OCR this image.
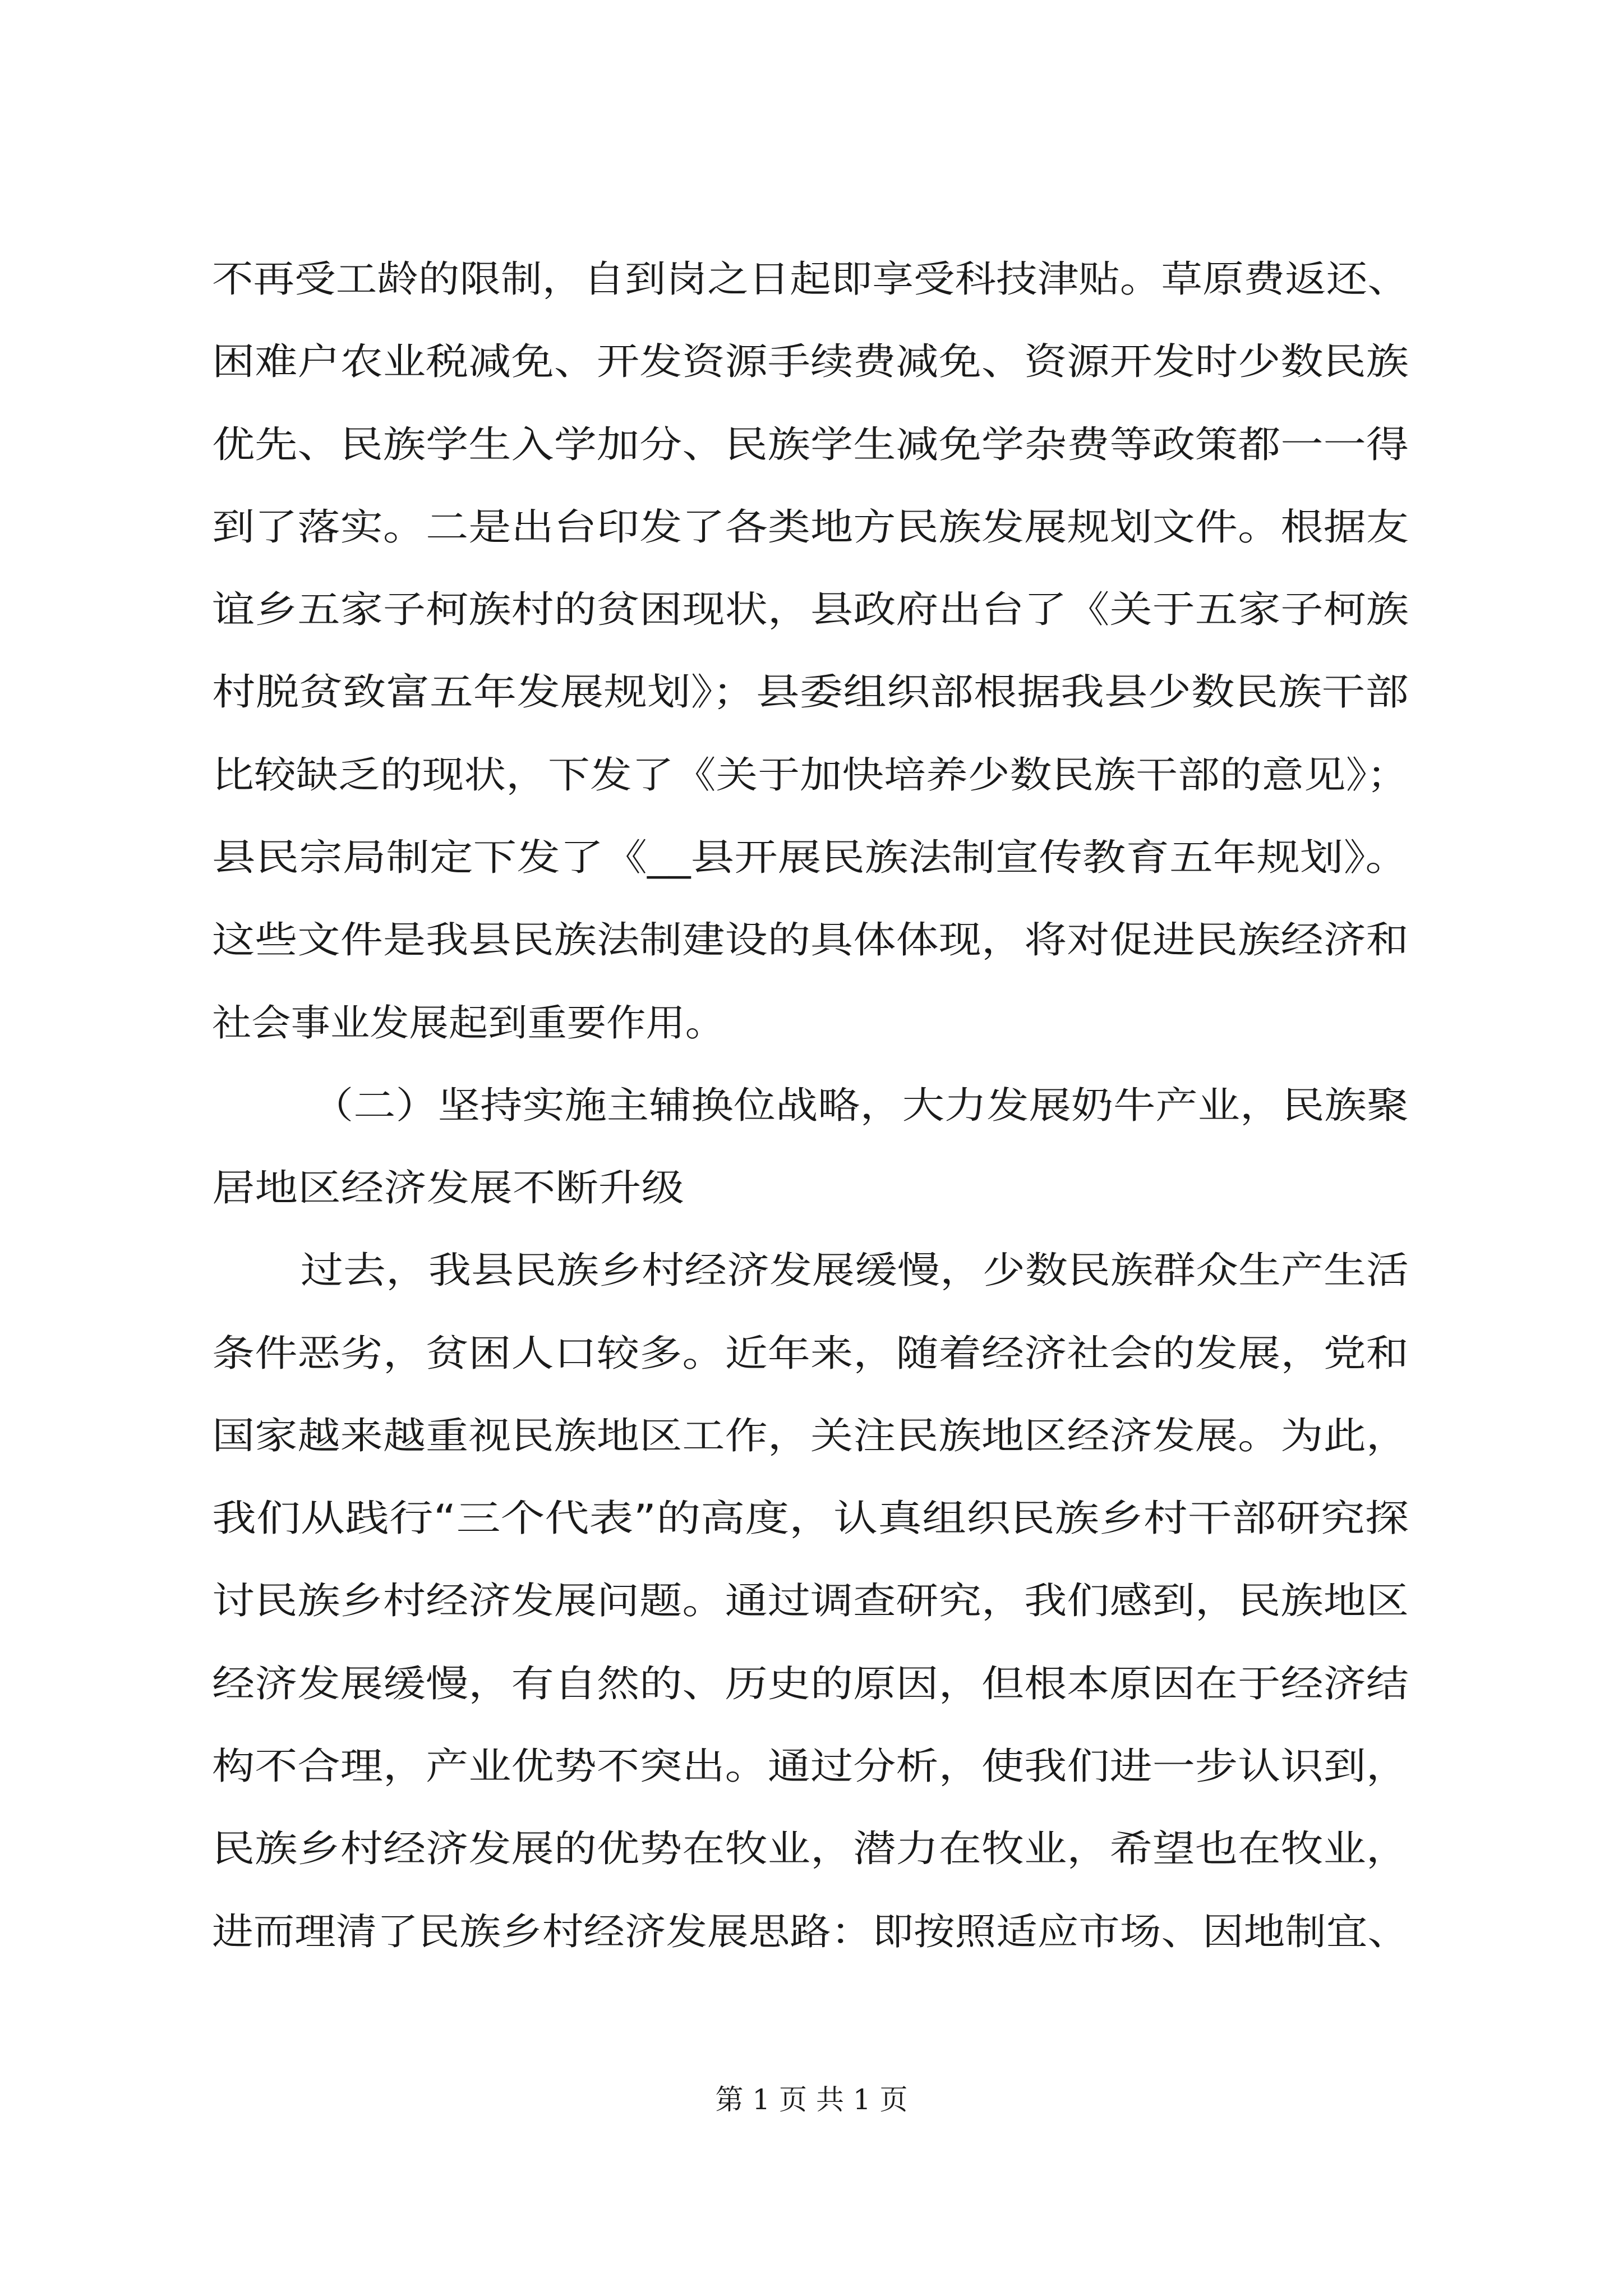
不再受工龄的限制，自到岗之日起即享受科技津贴。草原费返还、
困难户农业税减免、开发资源手续费减免、资源开发时少数民族
优先、民族学生入学加分、民族学生减免学杂费等政策都一一得
到了落实。二是出台印发了各类地方民族发展规划文件。根据友
谊乡五家子柯族村的贫困现状，县政府出台了《关于五家子柯族
村脱贫致富五年发展规划》；县委组织部根据我县少数民族干部
比较缺乏的现状，下发了《关于加快培养少数民族干部的意见》；
县民宗局制定下发了《__县开展民族法制宣传教育五年规划》。
这些文件是我县民族法制建设的具体体现，将对促进民族经济和
社会事业发展起到重要作用。
（二）坚持实施主辅换位战略，大力发展奶牛产业，民族聚
居地区经济发展不断升级
过去，我县民族乡村经济发展缓慢，少数民族群众生产生活
条件恶劣，贫困人口较多。近年来，随着经济社会的发展，党和
国家越来越重视民族地区工作，关注民族地区经济发展。为此，
我们从践行“三个代表”的高度，认真组织民族乡村干部研究探
讨民族乡村经济发展问题。通过调查研究，我们感到，民族地区
经济发展缓慢，有自然的、历史的原因，但根本原因在于经济结
构不合理，产业优势不突出。通过分析，使我们进一步认识到，
民族乡村经济发展的优势在牧业，潜力在牧业，希望也在牧业，
进而理清了民族乡村经济发展思路：即按照适应市场、因地制宜、
第 1 页 共 1 页
